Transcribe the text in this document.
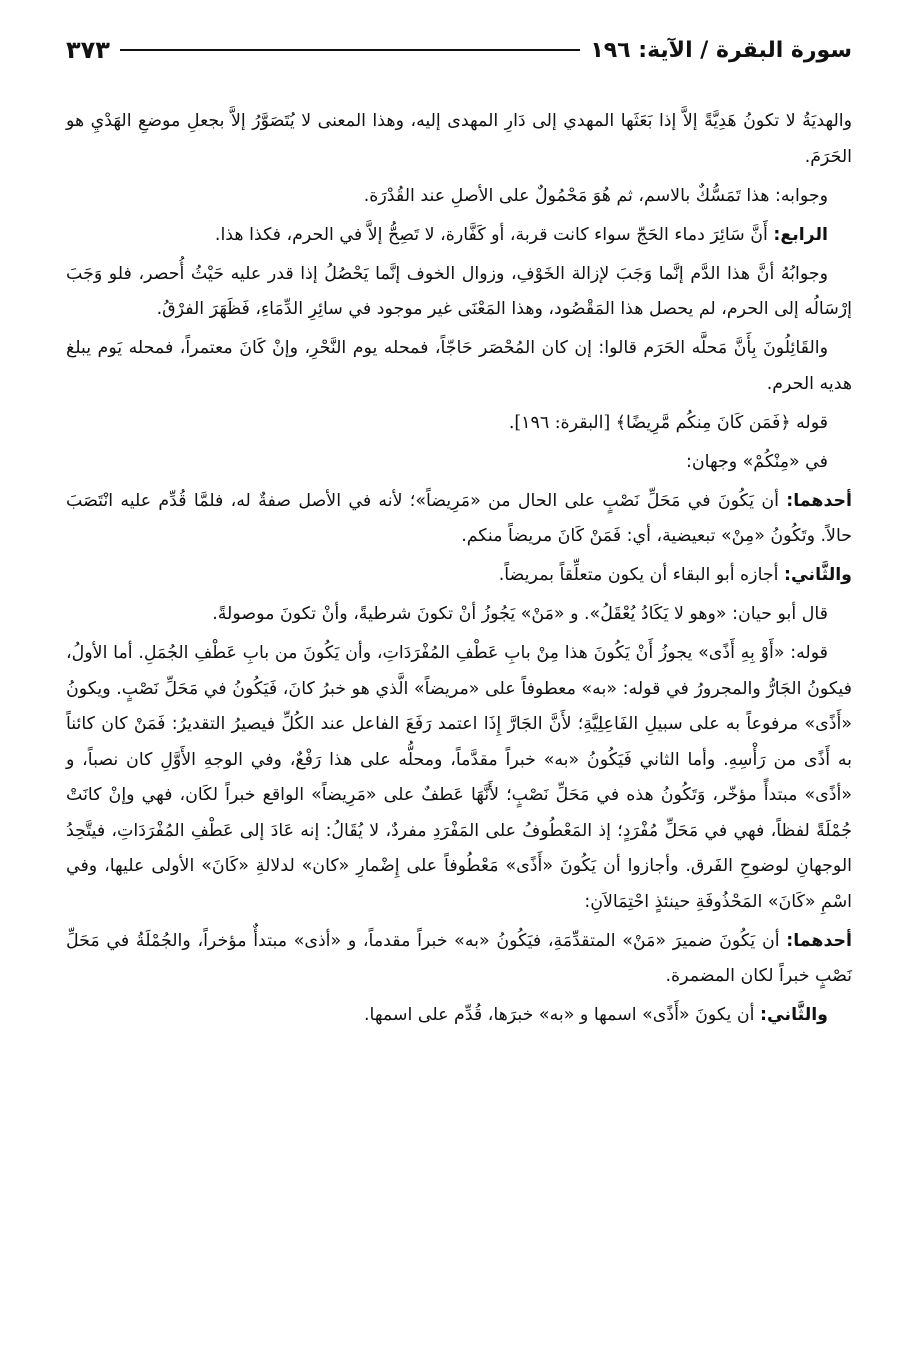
سورة البقرة / الآية: ١٩٦
٣٧٣

والهديَةُ لا تكونُ هَدِيَّةً إلاَّ إذا بَعَثَها المهدي إلى دَارِ المهدى إليه، وهذا المعنى لا يُتَصَوَّرُ إلاَّ بجعلِ موضعِ الهَدْيِ هو الحَرَمَ.

وجوابه: هذا تَمَسُّكٌ بالاسم، ثم هُوَ مَحْمُولٌ على الأصلِ عند القُدْرَة.

الرابع: أَنَّ سَائِرَ دماء الحَجّ سواء كانت قربة، أو كَفَّارة، لا تَصِحُّ إلاَّ في الحرم، فكذا هذا.

وجوابُهُ أنَّ هذا الدَّم إنَّما وَجَبَ لإزالة الخَوْفِ، وزوال الخوف إنَّما يَحْصُلُ إذا قدر عليه حَيْثُ أُحصر، فلو وَجَبَ إرْسَالُه إلى الحرم، لم يحصل هذا المَقْصُود، وهذا المَعْنَى غير موجود في سائِرِ الدِّمَاءِ، فَظَهَرَ الفرْقُ.

والقَائِلُونَ بِأَنَّ مَحلَّه الحَرَم قالوا: إن كان المُحْصَر حَاجّاً، فمحله يوم النَّحْرِ، وإنْ كَانَ معتمراً، فمحله يَوم يبلغ هديه الحرم.

قوله ﴿فَمَن كَانَ مِنكُم مَّرِيضًا﴾ [البقرة: ١٩٦].

في «مِنْكُمْ» وجهان:

أحدهما: أن يَكُونَ في مَحَلِّ نَصْبٍ على الحال من «مَرِيضاً»؛ لأنه في الأصل صفةٌ له، فلمَّا قُدِّم عليه انْتَصَبَ حالاً. وتَكُونُ «مِنْ» تبعيضية، أي: فَمَنْ كَانَ مريضاً منكم.

والثَّاني: أجازه أبو البقاء أن يكون متعلِّقاً بمريضاً.

قال أبو حيان: «وهو لا يَكَادُ يُعْقَلُ». و «مَنْ» يَجُوزُ أنْ تكونَ شرطيةً، وأنْ تكونَ موصولةً.

قوله: «أَوْ بِهِ أَذًى» يجوزُ أَنْ يَكُونَ هذا مِنْ بابِ عَطْفِ المُفْرَدَاتِ، وأن يَكُونَ من بابِ عَطْفِ الجُمَلِ. أما الأولُ، فيكونُ الجَارُّ والمجرورُ في قوله: «به» معطوفاً على «مريضاً» الَّذي هو خبرُ كانَ، فَيَكُونُ في مَحَلِّ نَصْبٍ. ويكونُ «أَذًى» مرفوعاً به على سبيلِ الفَاعِلِيَّةِ؛ لأَنَّ الجَارَّ إِذَا اعتمد رَفَعَ الفاعل عند الكُلِّ فيصيرُ التقديرُ: فَمَنْ كان كائناً به أَذًى من رَأْسِهِ. وأما الثاني فَيَكُونُ «به» خبراً مقدَّماً، ومحلُّه على هذا رَفْعٌ، وفي الوجهِ الأَوَّلِ كان نصباً، و «أذًى» مبتدأً مؤخّر، وَتَكُونُ هذه في مَحَلِّ نَصْبٍ؛ لأَنَّهَا عَطفٌ على «مَرِيضاً» الواقع خبراً لكَان، فهي وإنْ كانَتْ جُمْلَةً لفظاً، فهي في مَحَلِّ مُفْرَدٍ؛ إذ المَعْطُوفُ على المَفْرَدِ مفردٌ، لا يُقَالُ: إنه عَادَ إلى عَطْفِ المُفْرَدَاتِ، فيتَّحِدُ الوجهانِ لوضوحِ الفَرق. وأجازوا أن يَكُونَ «أَذًى» مَعْطُوفاً على إِضْمارِ «كان» لدلالةِ «كَانَ» الأولى عليها، وفي اسْمِ «كَانَ» المَحْذُوفَةِ حينئذٍ احْتِمَالاَنِ:

أحدهما: أن يَكُونَ ضميرَ «مَنْ» المتقدِّمَةِ، فيَكُونُ «به» خبراً مقدماً، و «أذى» مبتدأٌ مؤخراً، والجُمْلَةُ في مَحَلِّ نَصْبٍ خبراً لكان المضمرة.

والثَّاني: أن يكونَ «أَذًى» اسمها و «به» خبرَها، قُدِّم على اسمها.
